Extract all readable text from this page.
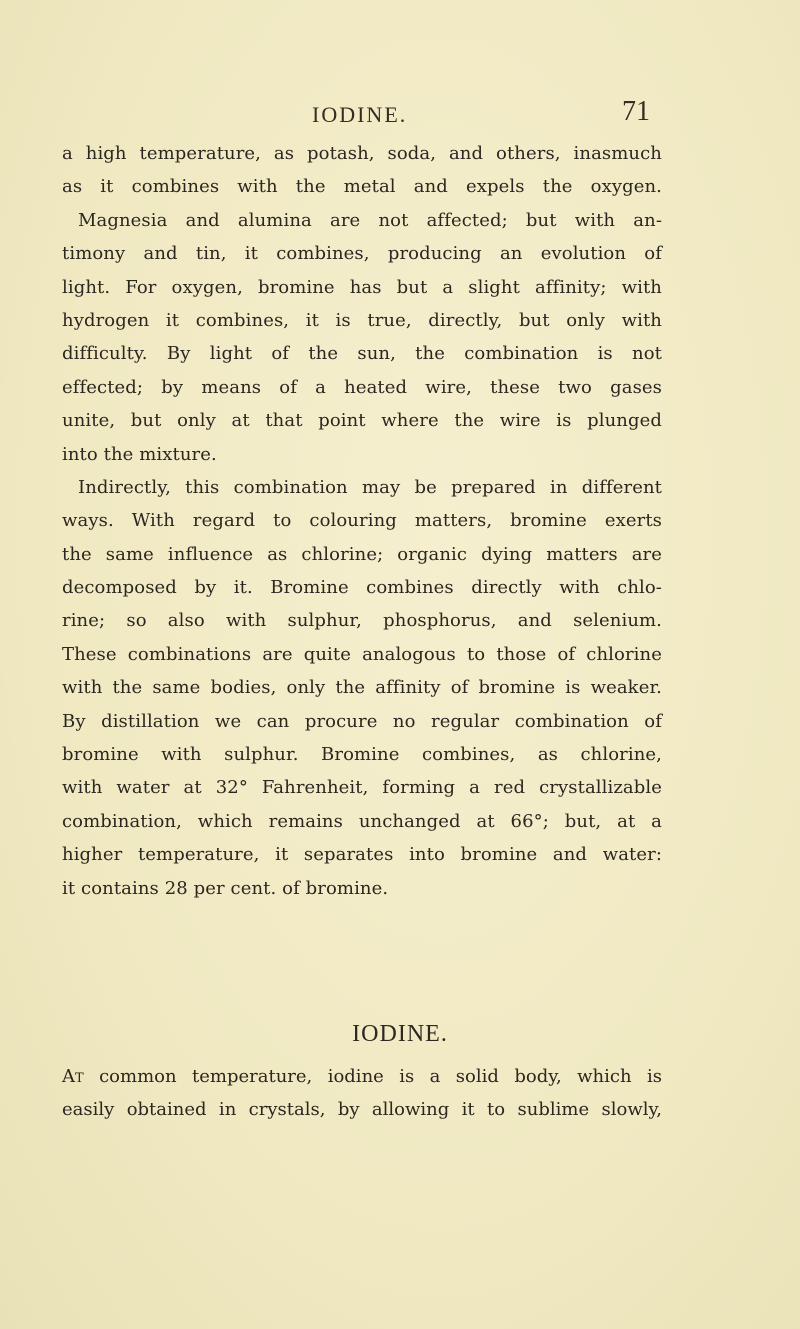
IODINE.	71
a high temperature, as potash, soda, and others, inasmuch
as it combines with the metal and expels the oxygen.
Magnesia and alumina are not affected; but with an-
timony and tin, it combines, producing an evolution of
light. For oxygen, bromine has but a slight affinity; with
hydrogen it combines, it is true, directly, but only with
difficulty. By light of the sun, the combination is not
effected; by means of a heated wire, these two gases
unite, but only at that point where the wire is plunged
into the mixture.
Indirectly, this combination may be prepared in different
ways. With regard to colouring matters, bromine exerts
the same influence as chlorine; organic dying matters are
decomposed by it. Bromine combines directly with chlo-
rine; so also with sulphur, phosphorus, and selenium.
These combinations are quite analogous to those of chlorine
with the same bodies, only the affinity of bromine is weaker.
By distillation we can procure no regular combination of
bromine with sulphur. Bromine combines, as chlorine,
with water at 32° Fahrenheit, forming a red crystallizable
combination, which remains unchanged at 66°; but, at a
higher temperature, it separates into bromine and water:
it contains 28 per cent. of bromine.
IODINE.
At common temperature, iodine is a solid body, which is
easily obtained in crystals, by allowing it to sublime slowly,
